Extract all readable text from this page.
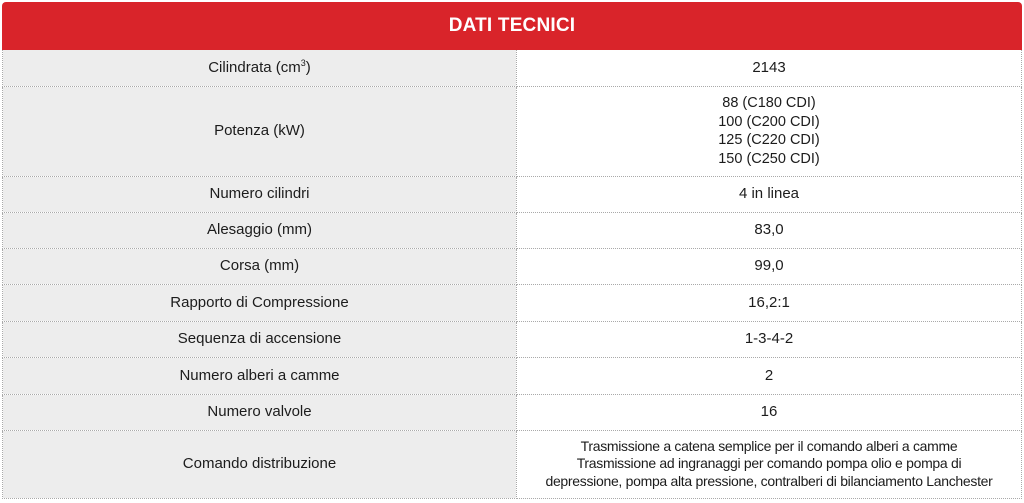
DATI TECNICI
Cilindrata $(cm^3)$	2143
Potenza (kW)	88 (C180 CDI)
100 (C200 CDI)
125 (C220 CDI)
150 (C250 CDI)

Numero cilindri	4 in linea
Alesaggio (mm)	83,0
Corsa (mm)	99,0
Rapporto di Compressione	16,2:1
Sequenza di accensione	1-3-4-2
Numero alberi a camme	2
Numero valvole	16
Comando distribuzione	Trasmissione a catena semplice per il comando alberi a camme
Trasmissione ad ingranaggi per comando pompa olio e pompa di
depressione, pompa alta pressione, contralberi di bilanciamento Lanchester
